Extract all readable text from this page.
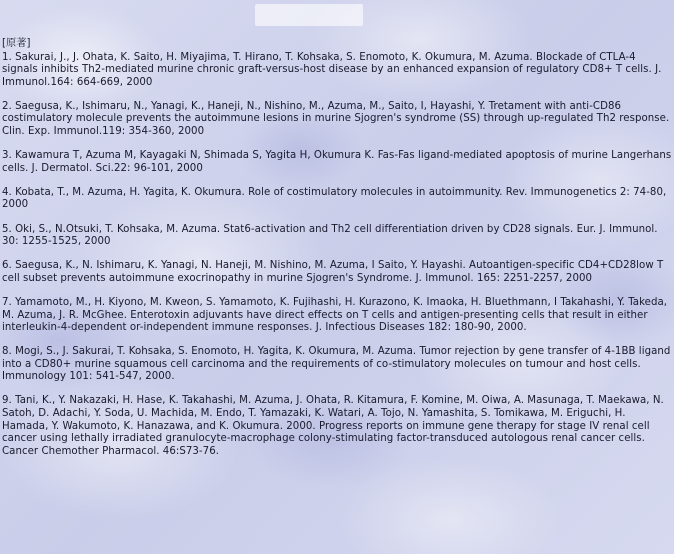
[原著]
1. Sakurai, J., J. Ohata, K. Saito, H. Miyajima, T. Hirano, T. Kohsaka, S. Enomoto, K. Okumura, M. Azuma. Blockade of CTLA-4 signals inhibits Th2-mediated murine chronic graft-versus-host disease by an enhanced expansion of regulatory CD8+ T cells. J. Immunol.164: 664-669, 2000
2. Saegusa, K., Ishimaru, N., Yanagi, K., Haneji, N., Nishino, M., Azuma, M., Saito, I, Hayashi, Y. Tretament with anti-CD86 costimulatory molecule prevents the autoimmune lesions in murine Sjogren's syndrome (SS) through up-regulated Th2 response. Clin. Exp. Immunol.119: 354-360, 2000
3. Kawamura T, Azuma M, Kayagaki N, Shimada S, Yagita H, Okumura K. Fas-Fas ligand-mediated apoptosis of murine Langerhans cells. J. Dermatol. Sci.22: 96-101, 2000
4. Kobata, T., M. Azuma, H. Yagita, K. Okumura. Role of costimulatory molecules in autoimmunity. Rev. Immunogenetics 2: 74-80, 2000
5. Oki, S., N.Otsuki, T. Kohsaka, M. Azuma. Stat6-activation and Th2 cell differentiation driven by CD28 signals. Eur. J. Immunol. 30: 1255-1525, 2000
6. Saegusa, K., N. Ishimaru, K. Yanagi, N. Haneji, M. Nishino, M. Azuma, I Saito, Y. Hayashi. Autoantigen-specific CD4+CD28low T cell subset prevents autoimmune exocrinopathy in murine Sjogren's Syndrome. J. Immunol. 165: 2251-2257, 2000
7. Yamamoto, M., H. Kiyono, M. Kweon, S. Yamamoto, K. Fujihashi, H. Kurazono, K. Imaoka, H. Bluethmann, I Takahashi, Y. Takeda, M. Azuma, J. R. McGhee. Enterotoxin adjuvants have direct effects on T cells and antigen-presenting cells that result in either interleukin-4-dependent or-independent immune responses. J. Infectious Diseases 182: 180-90, 2000.
8. Mogi, S., J. Sakurai, T. Kohsaka, S. Enomoto, H. Yagita, K. Okumura, M. Azuma. Tumor rejection by gene transfer of 4-1BB ligand into a CD80+ murine squamous cell carcinoma and the requirements of co-stimulatory molecules on tumour and host cells. Immunology 101: 541-547, 2000.
9. Tani, K., Y. Nakazaki, H. Hase, K. Takahashi, M. Azuma, J. Ohata, R. Kitamura, F. Komine, M. Oiwa, A. Masunaga, T. Maekawa, N. Satoh, D. Adachi, Y. Soda, U. Machida, M. Endo, T. Yamazaki, K. Watari, A. Tojo, N. Yamashita, S. Tomikawa, M. Eriguchi, H. Hamada, Y. Wakumoto, K. Hanazawa, and K. Okumura. 2000. Progress reports on immune gene therapy for stage IV renal cell cancer using lethally irradiated granulocyte-macrophage colony-stimulating factor-transduced autologous renal cancer cells. Cancer Chemother Pharmacol. 46:S73-76.
